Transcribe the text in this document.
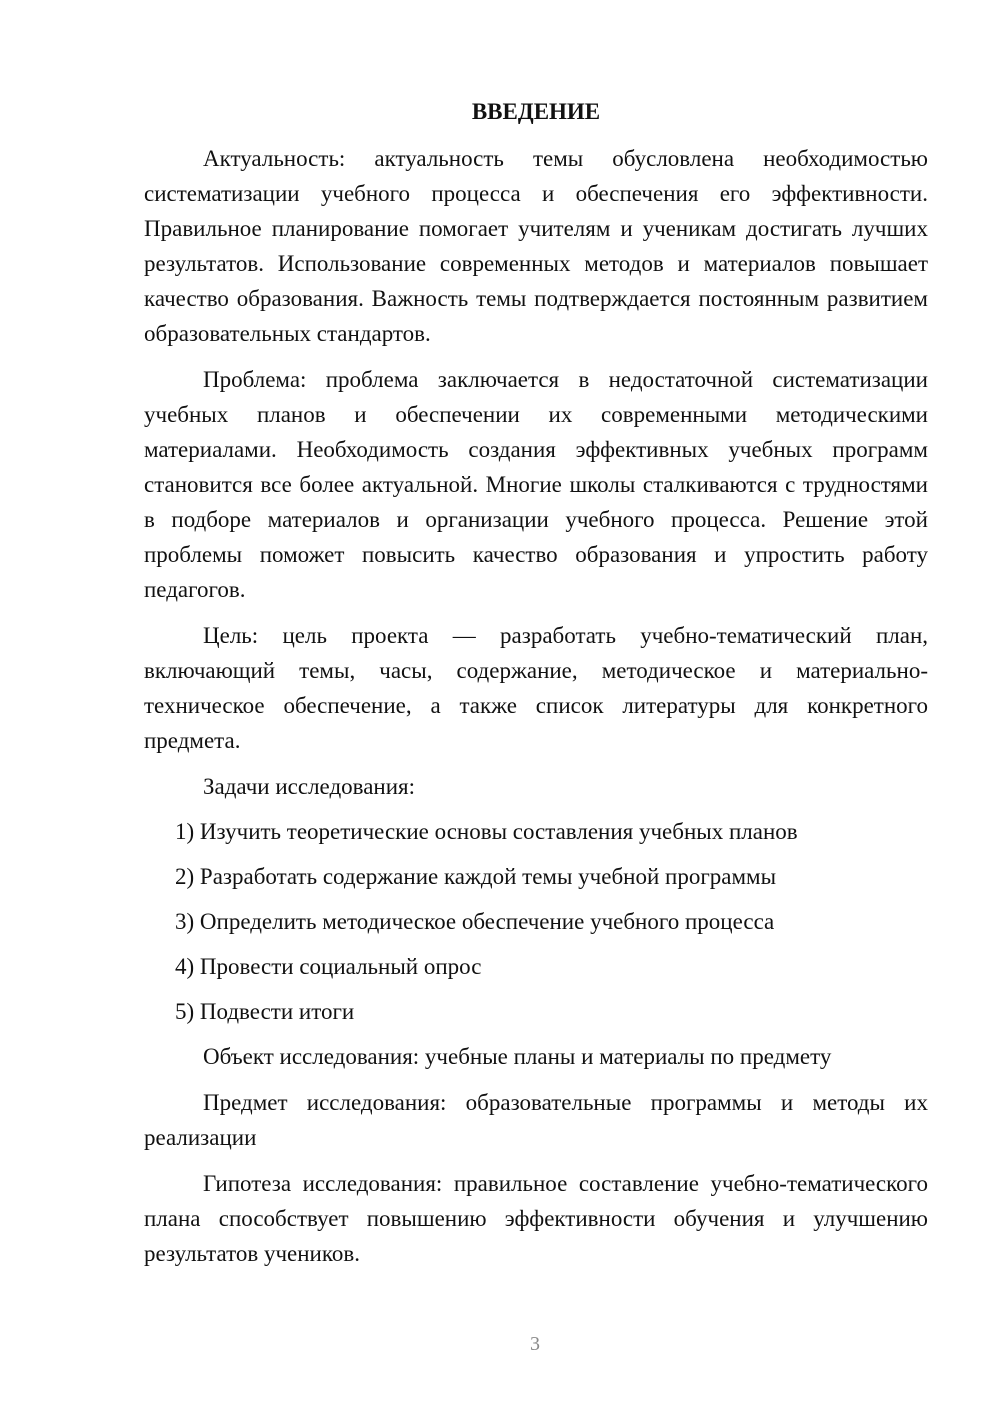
ВВЕДЕНИЕ

Актуальность: актуальность темы обусловлена необходимостью систематизации учебного процесса и обеспечения его эффективности. Правильное планирование помогает учителям и ученикам достигать лучших результатов. Использование современных методов и материалов повышает качество образования. Важность темы подтверждается постоянным развитием образовательных стандартов.

Проблема: проблема заключается в недостаточной систематизации учебных планов и обеспечении их современными методическими материалами. Необходимость создания эффективных учебных программ становится все более актуальной. Многие школы сталкиваются с трудностями в подборе материалов и организации учебного процесса. Решение этой проблемы поможет повысить качество образования и упростить работу педагогов.

Цель: цель проекта — разработать учебно-тематический план, включающий темы, часы, содержание, методическое и материально-техническое обеспечение, а также список литературы для конкретного предмета.

Задачи исследования:

1) Изучить теоретические основы составления учебных планов
2) Разработать содержание каждой темы учебной программы
3) Определить методическое обеспечение учебного процесса
4) Провести социальный опрос
5) Подвести итоги

Объект исследования: учебные планы и материалы по предмету

Предмет исследования: образовательные программы и методы их реализации

Гипотеза исследования: правильное составление учебно-тематического плана способствует повышению эффективности обучения и улучшению результатов учеников.

3
